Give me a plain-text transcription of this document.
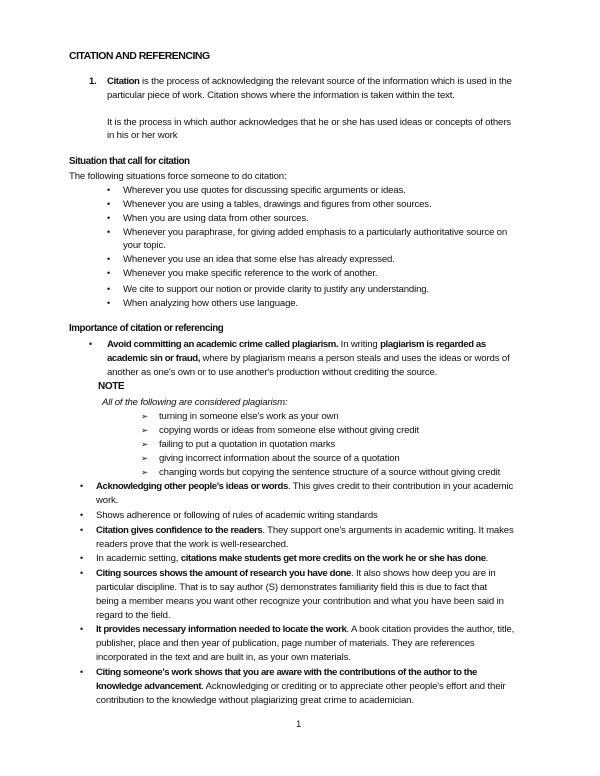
CITATION AND REFERENCING
1. Citation is the process of acknowledging the relevant source of the information which is used in the
particular piece of work. Citation shows where the information is taken within the text.
It is the process in which author acknowledges that he or she has used ideas or concepts of others
in his or her work
Situation that call for citation
The following situations force someone to do citation:
• Wherever you use quotes for discussing specific arguments or ideas.
• Whenever you are using a tables, drawings and figures from other sources.
• When you are using data from other sources.
• Whenever you paraphrase, for giving added emphasis to a particularly authoritative source on
your topic.
• Whenever you use an idea that some else has already expressed.
• Whenever you make specific reference to the work of another.
• We cite to support our notion or provide clarity to justify any understanding.
• When analyzing how others use language.
Importance of citation or referencing
• Avoid committing an academic crime called plagiarism. In writing plagiarism is regarded as
academic sin or fraud, where by plagiarism means a person steals and uses the ideas or words of
another as one's own or to use another's production without crediting the source.
NOTE
All of the following are considered plagiarism:
➢ turning in someone else's work as your own
➢ copying words or ideas from someone else without giving credit
➢ failing to put a quotation in quotation marks
➢ giving incorrect information about the source of a quotation
➢ changing words but copying the sentence structure of a source without giving credit
• Acknowledging other people's ideas or words. This gives credit to their contribution in your academic
work.
• Shows adherence or following of rules of academic writing standards
• Citation gives confidence to the readers. They support one's arguments in academic writing. It makes
readers prove that the work is well-researched.
• In academic setting, citations make students get more credits on the work he or she has done.
• Citing sources shows the amount of research you have done. It also shows how deep you are in
particular discipline. That is to say author (S) demonstrates familiarity field this is due to fact that
being a member means you want other recognize your contribution and what you have been said in
regard to the field.
• It provides necessary information needed to locate the work. A book citation provides the author, title,
publisher, place and then year of publication, page number of materials. They are references
incorporated in the text and are built in, as your own materials.
• Citing someone's work shows that you are aware with the contributions of the author to the
knowledge advancement. Acknowledging or crediting or to appreciate other people's effort and their
contribution to the knowledge without plagiarizing great crime to academician.
1
